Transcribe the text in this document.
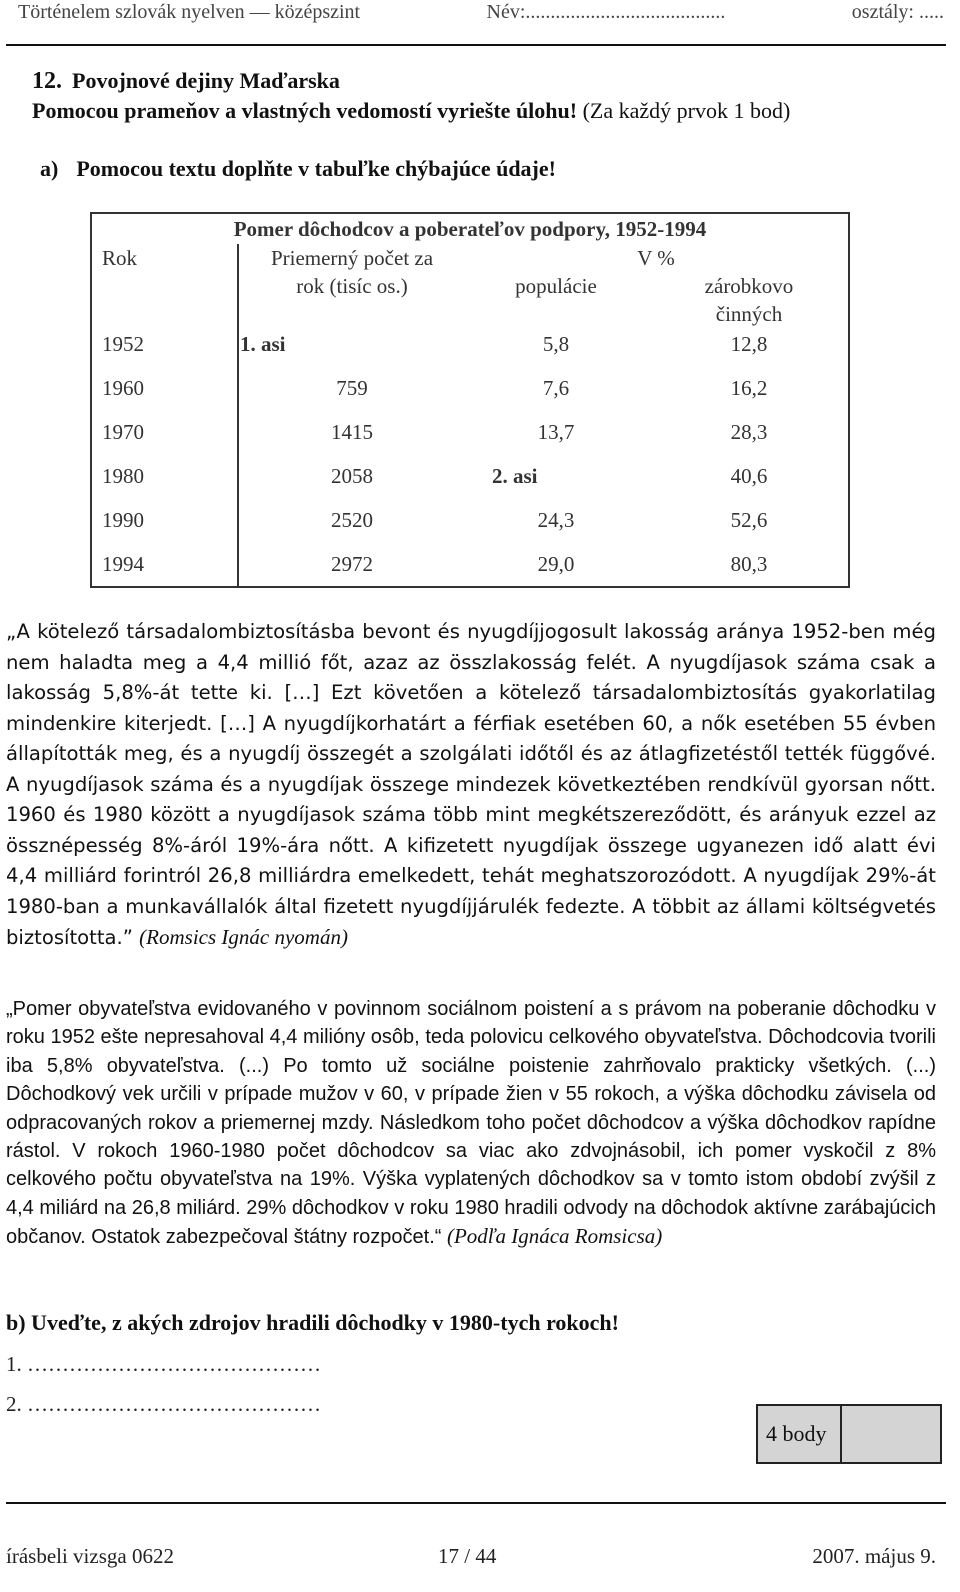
Történelem szlovák nyelven — középszint	Név:........................................	osztály: .....
12. Povojnové dejiny Maďarska
Pomocou prameňov a vlastných vedomostí vyriešte úlohu! (Za každý prvok 1 bod)
a) Pomocou textu doplňte v tabuľke chýbajúce údaje!
Pomer dôchodcov a poberateľov podpory, 1952-1994
Rok	Priemerný počet za
rok (tisíc os.)
V %
populácie	zárobkovo
činných
1952	1. asi	5,8	12,8
1960	759	7,6	16,2
1970	1415	13,7	28,3
1980	2058	2. asi	40,6
1990	2520	24,3	52,6
1994	2972	29,0	80,3
„A kötelező társadalombiztosításba bevont és nyugdíjjogosult lakosság aránya 1952-ben még nem haladta meg a 4,4 millió főt, azaz az összlakosság felét. A nyugdíjasok száma csak a lakosság 5,8%-át tette ki. […] Ezt követően a kötelező társadalombiztosítás gyakorlatilag mindenkire kiterjedt. […] A nyugdíjkorhatárt a férfiak esetében 60, a nők esetében 55 évben állapították meg, és a nyugdíj összegét a szolgálati időtől és az átlagfizetéstől tették függővé. A nyugdíjasok száma és a nyugdíjak összege mindezek következtében rendkívül gyorsan nőtt. 1960 és 1980 között a nyugdíjasok száma több mint megkétszereződött, és arányuk ezzel az össznépesség 8%-áról 19%-ára nőtt. A kifizetett nyugdíjak összege ugyanezen idő alatt évi 4,4 milliárd forintról 26,8 milliárdra emelkedett, tehát meghatszorozódott. A nyugdíjak 29%-át 1980-ban a munkavállalók által fizetett nyugdíjjárulék fedezte. A többit az állami költségvetés biztosította.” (Romsics Ignác nyomán)
„Pomer obyvateľstva evidovaného v povinnom sociálnom poistení a s právom na poberanie dôchodku v roku 1952 ešte nepresahoval 4,4 milióny osôb, teda polovicu celkového obyvateľstva. Dôchodcovia tvorili iba 5,8% obyvateľstva. (...) Po tomto už sociálne poistenie zahrňovalo prakticky všetkých. (...) Dôchodkový vek určili v prípade mužov v 60, v prípade žien v 55 rokoch, a výška dôchodku závisela od odpracovaných rokov a priemernej mzdy. Následkom toho počet dôchodcov a výška dôchodkov rapídne rástol. V rokoch 1960-1980 počet dôchodcov sa viac ako zdvojnásobil, ich pomer vyskočil z 8% celkového počtu obyvateľstva na 19%. Výška vyplatených dôchodkov sa v tomto istom období zvýšil z 4,4 miliárd na 26,8 miliárd. 29% dôchodkov v roku 1980 hradili odvody na dôchodok aktívne zarábajúcich občanov. Ostatok zabezpečoval štátny rozpočet.“ (Podľa Ignáca Romsicsa)
b) Uveďte, z akých zdrojov hradili dôchodky v 1980-tych rokoch!
1. ……………………………………
2. ……………………………………
4 body
írásbeli vizsga 0622	17 / 44	2007. május 9.
